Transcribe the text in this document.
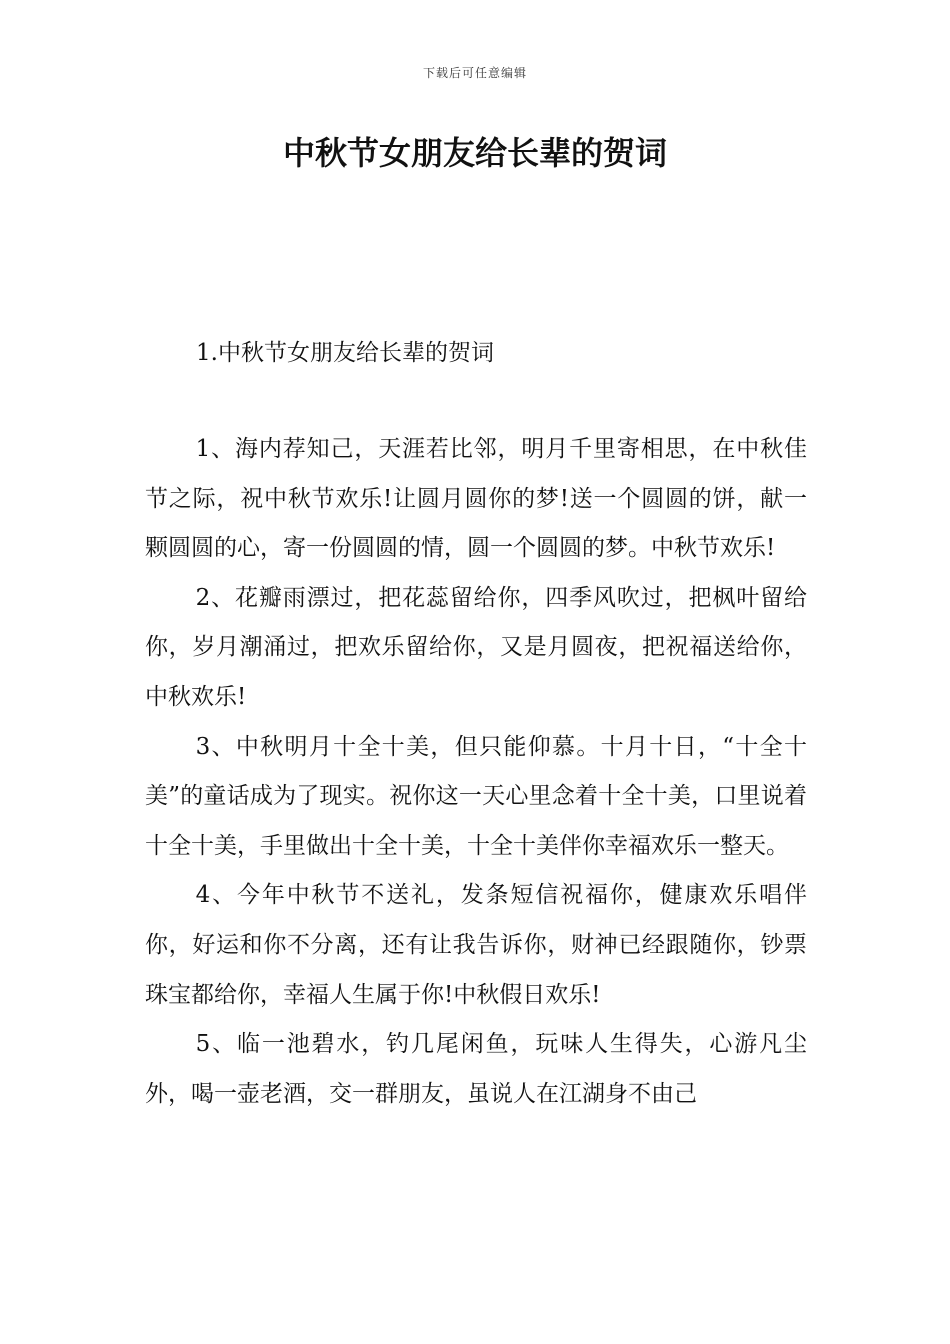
下载后可任意编辑
中秋节女朋友给长辈的贺词
1.中秋节女朋友给长辈的贺词

1、海内荐知己，天涯若比邻，明月千里寄相思，在中秋佳节之际，祝中秋节欢乐!让圆月圆你的梦!送一个圆圆的饼，献一颗圆圆的心，寄一份圆圆的情，圆一个圆圆的梦。中秋节欢乐!

2、花瓣雨漂过，把花蕊留给你，四季风吹过，把枫叶留给你，岁月潮涌过，把欢乐留给你，又是月圆夜，把祝福送给你，中秋欢乐!

3、中秋明月十全十美，但只能仰慕。十月十日，“十全十美”的童话成为了现实。祝你这一天心里念着十全十美，口里说着十全十美，手里做出十全十美，十全十美伴你幸福欢乐一整天。

4、今年中秋节不送礼，发条短信祝福你，健康欢乐唱伴你，好运和你不分离，还有让我告诉你，财神已经跟随你，钞票珠宝都给你，幸福人生属于你!中秋假日欢乐!

5、临一池碧水，钓几尾闲鱼，玩味人生得失，心游凡尘外，喝一壶老酒，交一群朋友，虽说人在江湖身不由己
